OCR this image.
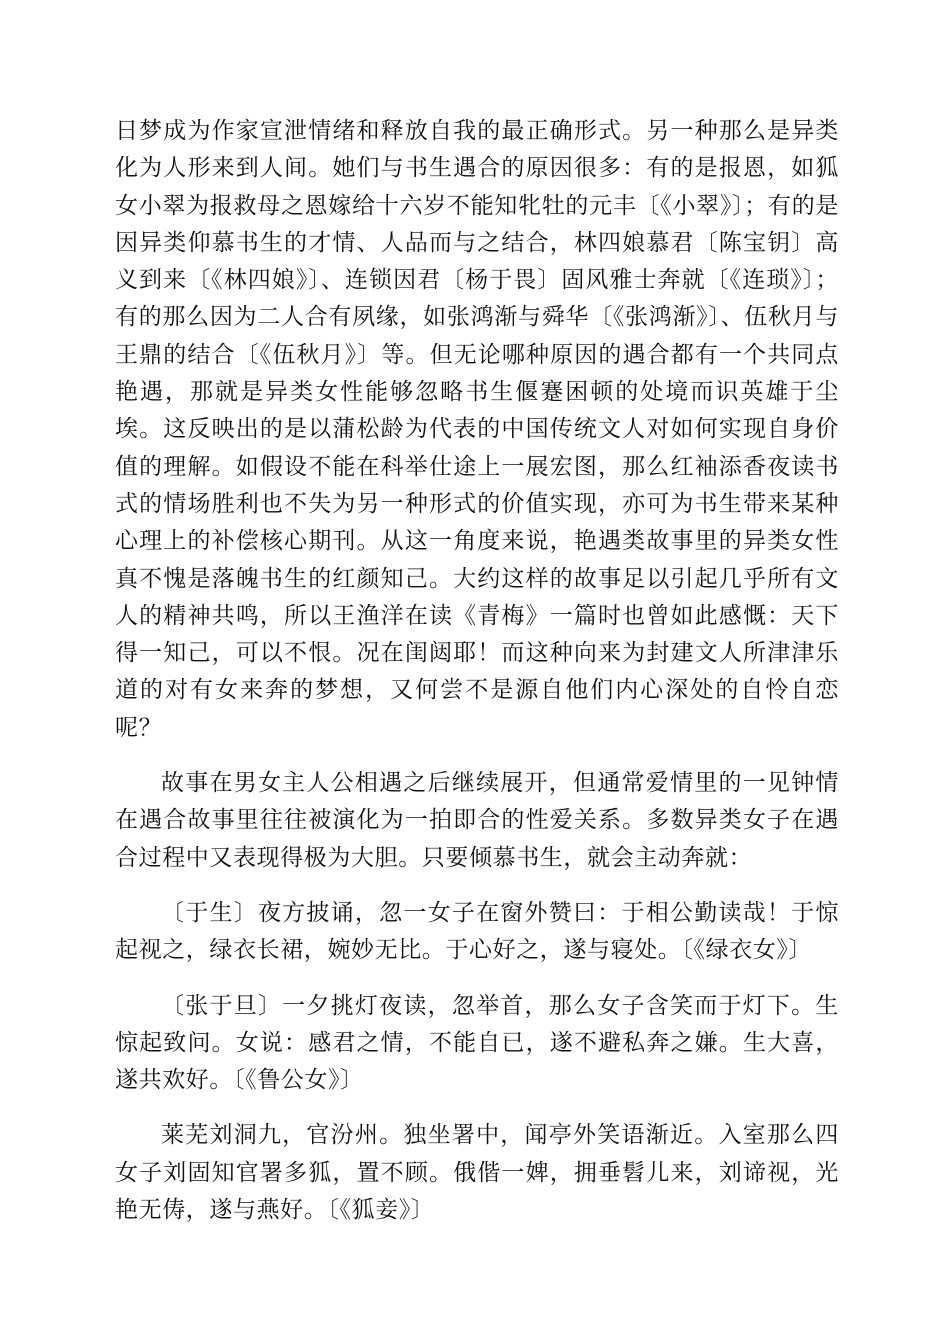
日梦成为作家宣泄情绪和释放自我的最正确形式。另一种那么是异类化为人形来到人间。她们与书生遇合的原因很多：有的是报恩，如狐女小翠为报救母之恩嫁给十六岁不能知牝牡的元丰〔《小翠》〕；有的是因异类仰慕书生的才情、人品而与之结合，林四娘慕君〔陈宝钥〕高义到来〔《林四娘》〕、连锁因君〔杨于畏〕固风雅士奔就〔《连琐》〕；有的那么因为二人合有夙缘，如张鸿渐与舜华〔《张鸿渐》〕、伍秋月与王鼎的结合〔《伍秋月》〕等。但无论哪种原因的遇合都有一个共同点艳遇，那就是异类女性能够忽略书生偃蹇困顿的处境而识英雄于尘埃。这反映出的是以蒲松龄为代表的中国传统文人对如何实现自身价值的理解。如假设不能在科举仕途上一展宏图，那么红袖添香夜读书式的情场胜利也不失为另一种形式的价值实现，亦可为书生带来某种心理上的补偿核心期刊。从这一角度来说，艳遇类故事里的异类女性真不愧是落魄书生的红颜知己。大约这样的故事足以引起几乎所有文人的精神共鸣，所以王渔洋在读《青梅》一篇时也曾如此感慨：天下得一知己，可以不恨。况在闺闼耶！而这种向来为封建文人所津津乐道的对有女来奔的梦想，又何尝不是源自他们内心深处的自怜自恋呢？

故事在男女主人公相遇之后继续展开，但通常爱情里的一见钟情在遇合故事里往往被演化为一拍即合的性爱关系。多数异类女子在遇合过程中又表现得极为大胆。只要倾慕书生，就会主动奔就：

〔于生〕夜方披诵，忽一女子在窗外赞曰：于相公勤读哉！于惊起视之，绿衣长裙，婉妙无比。于心好之，遂与寝处。〔《绿衣女》〕

〔张于旦〕一夕挑灯夜读，忽举首，那么女子含笑而于灯下。生惊起致问。女说：感君之情，不能自已，遂不避私奔之嫌。生大喜，遂共欢好。〔《鲁公女》〕

莱芜刘洞九，官汾州。独坐署中，闻亭外笑语渐近。入室那么四女子刘固知官署多狐，置不顾。俄偕一婢，拥垂髫儿来，刘谛视，光艳无俦，遂与燕好。〔《狐妾》〕
